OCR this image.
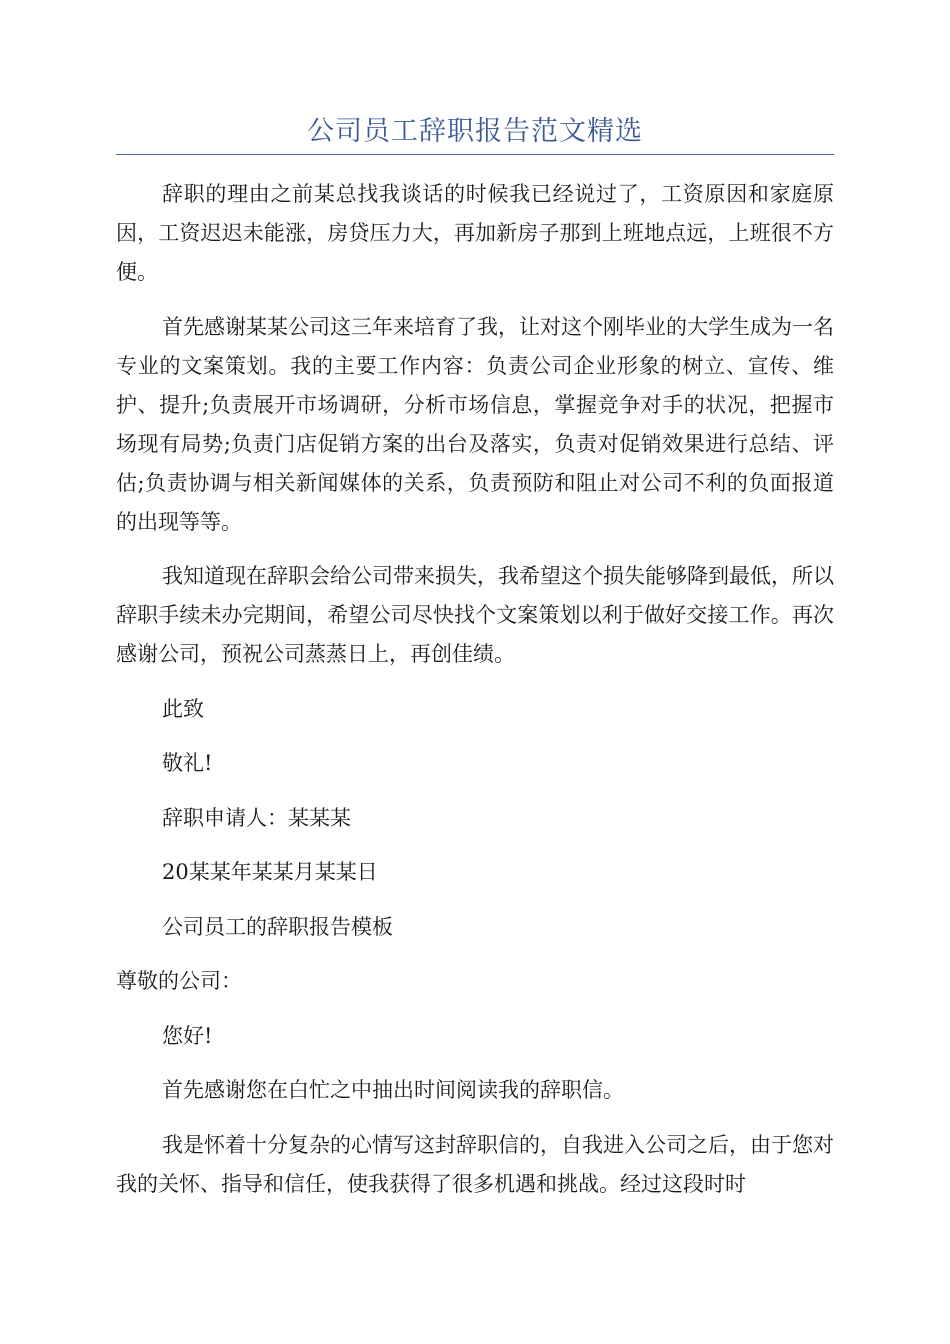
公司员工辞职报告范文精选

辞职的理由之前某总找我谈话的时候我已经说过了，工资原因和家庭原因，工资迟迟未能涨，房贷压力大，再加新房子那到上班地点远，上班很不方便。

首先感谢某某公司这三年来培育了我，让对这个刚毕业的大学生成为一名专业的文案策划。我的主要工作内容：负责公司企业形象的树立、宣传、维护、提升;负责展开市场调研，分析市场信息，掌握竞争对手的状况，把握市场现有局势;负责门店促销方案的出台及落实，负责对促销效果进行总结、评估;负责协调与相关新闻媒体的关系，负责预防和阻止对公司不利的负面报道的出现等等。

我知道现在辞职会给公司带来损失，我希望这个损失能够降到最低，所以辞职手续未办完期间，希望公司尽快找个文案策划以利于做好交接工作。再次感谢公司，预祝公司蒸蒸日上，再创佳绩。

此致

敬礼!

辞职申请人：某某某

20某某年某某月某某日

公司员工的辞职报告模板

尊敬的公司：

您好!

首先感谢您在白忙之中抽出时间阅读我的辞职信。

我是怀着十分复杂的心情写这封辞职信的，自我进入公司之后，由于您对我的关怀、指导和信任，使我获得了很多机遇和挑战。经过这段时时
